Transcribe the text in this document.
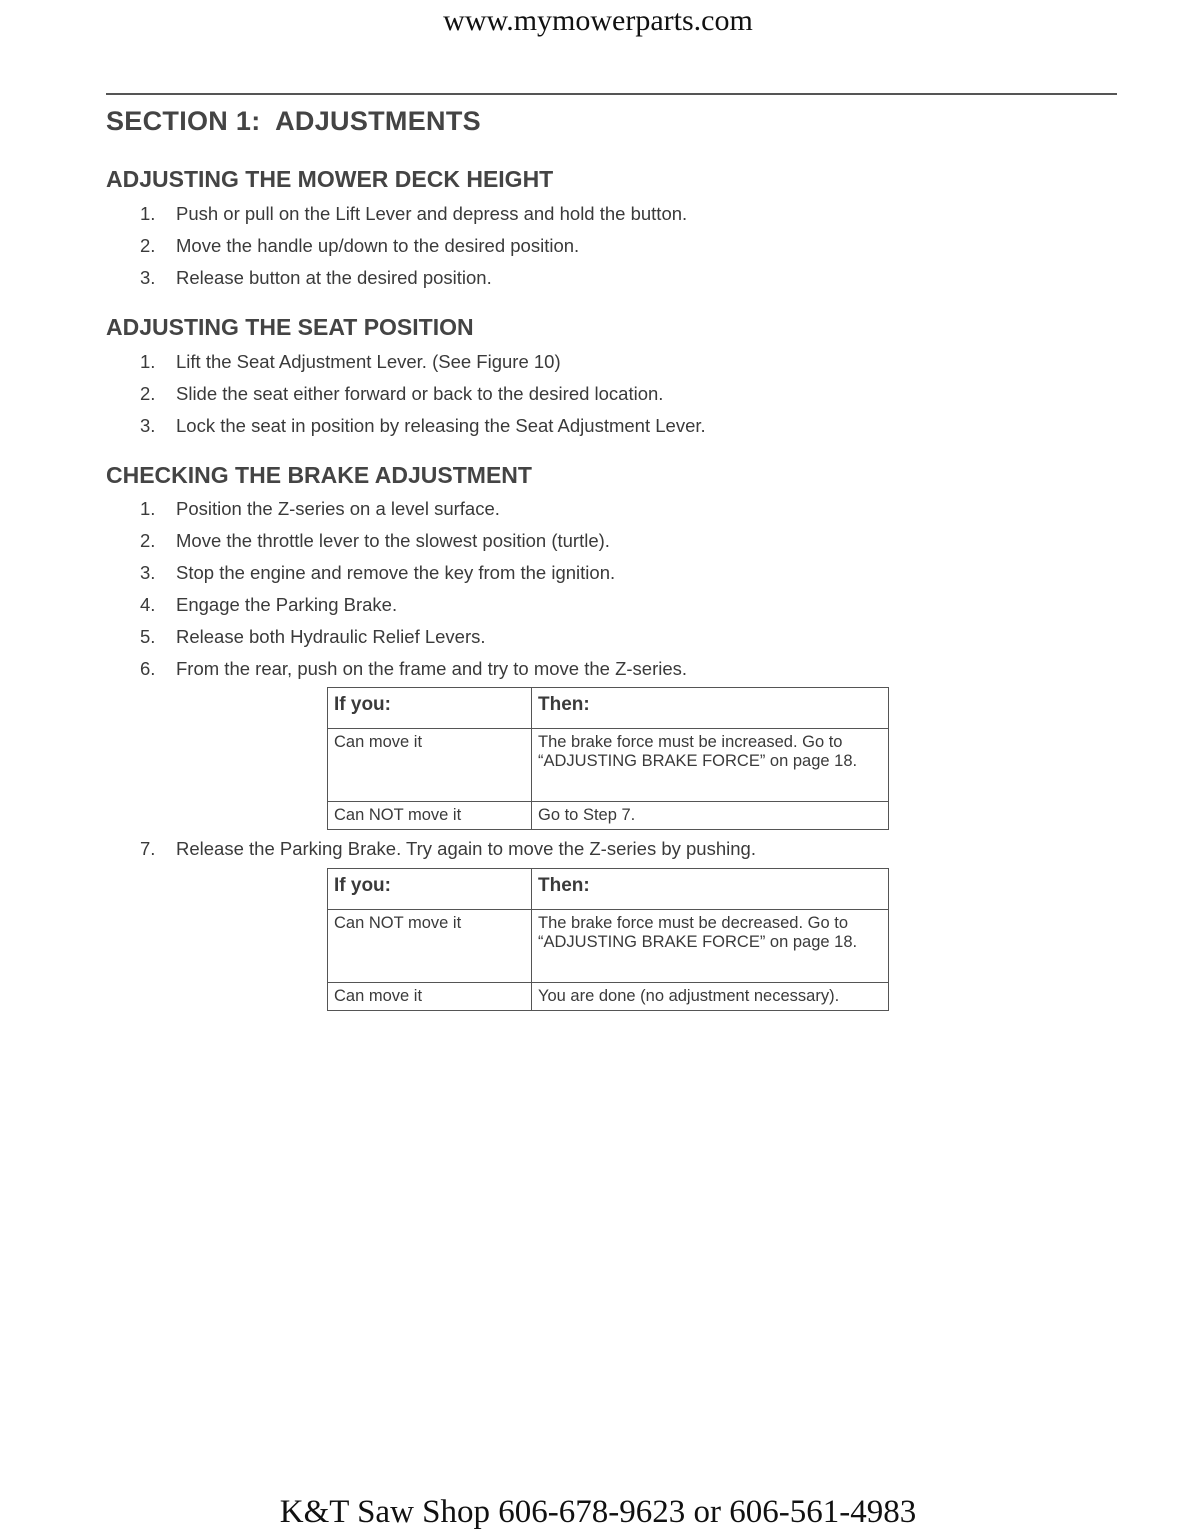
www.mymowerparts.com
SECTION 1:  ADJUSTMENTS
ADJUSTING THE MOWER DECK HEIGHT
1. Push or pull on the Lift Lever and depress and hold the button.
2. Move the handle up/down to the desired position.
3. Release button at the desired position.
ADJUSTING THE SEAT POSITION
1. Lift the Seat Adjustment Lever. (See Figure 10)
2. Slide the seat either forward or back to the desired location.
3. Lock the seat in position by releasing the Seat Adjustment Lever.
CHECKING THE BRAKE ADJUSTMENT
1. Position the Z-series on a level surface.
2. Move the throttle lever to the slowest position (turtle).
3. Stop the engine and remove the key from the ignition.
4. Engage the Parking Brake.
5. Release both Hydraulic Relief Levers.
6. From the rear, push on the frame and try to move the Z-series.
If you:	Then:
Can move it	The brake force must be increased. Go to “ADJUSTING BRAKE FORCE” on page 18.
Can NOT move it	Go to Step 7.
7. Release the Parking Brake. Try again to move the Z-series by pushing.
If you:	Then:
Can NOT move it	The brake force must be decreased. Go to “ADJUSTING BRAKE FORCE” on page 18.
Can move it	You are done (no adjustment necessary).
K&T Saw Shop 606-678-9623 or 606-561-4983
